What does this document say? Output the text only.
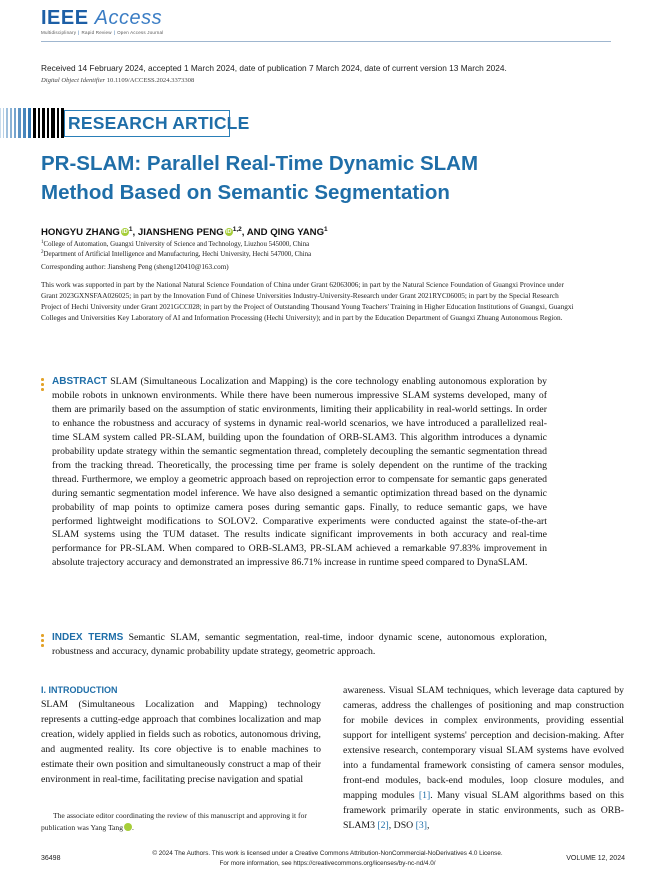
IEEE Access
Multidisciplinary | Rapid Review | Open Access Journal
Received 14 February 2024, accepted 1 March 2024, date of publication 7 March 2024, date of current version 13 March 2024.
Digital Object Identifier 10.1109/ACCESS.2024.3373308
RESEARCH ARTICLE
PR-SLAM: Parallel Real-Time Dynamic SLAM
Method Based on Semantic Segmentation
HONGYU ZHANG $iD^1$, JIANSHENG PENG iD$^{1,2}$, AND QING YANG$^1$
$^1$College of Automation, Guangxi University of Science and Technology, Liuzhou 545000, China
$^2$Department of Artificial Intelligence and Manufacturing, Hechi University, Hechi 547000, China
Corresponding author: Jiansheng Peng (sheng120410@163.com)
This work was supported in part by the National Natural Science Foundation of China under Grant 62063006; in part by the Natural Science Foundation of Guangxi Province under Grant 2023GXNSFAA026025; in part by the Innovation Fund of Chinese Universities Industry-University-Research under Grant 2021RYC06005; in part by the Special Research Project of Hechi University under Grant 2021GCC028; in part by the Project of Outstanding Thousand Young Teachers' Training in Higher Education Institutions of Guangxi, Guangxi Colleges and Universities Key Laboratory of AI and Information Processing (Hechi University); and in part by the Education Department of Guangxi Zhuang Autonomous Region.
ABSTRACT SLAM (Simultaneous Localization and Mapping) is the core technology enabling autonomous exploration by mobile robots in unknown environments. While there have been numerous impressive SLAM systems developed, many of them are primarily based on the assumption of static environments, limiting their applicability in real-world settings. In order to enhance the robustness and accuracy of systems in dynamic real-world scenarios, we have introduced a parallelized real-time SLAM system called PR-SLAM, building upon the foundation of ORB-SLAM3. This algorithm introduces a dynamic probability update strategy within the semantic segmentation thread, completely decoupling the semantic segmentation thread from the tracking thread. Theoretically, the processing time per frame is solely dependent on the runtime of the tracking thread. Furthermore, we employ a geometric approach based on reprojection error to compensate for semantic gaps generated during semantic segmentation model inference. We have also designed a semantic optimization thread based on the dynamic probability of map points to optimize camera poses during semantic gaps. Finally, to reduce semantic gaps, we have performed lightweight modifications to SOLOV2. Comparative experiments were conducted against the state-of-the-art SLAM systems using the TUM dataset. The results indicate significant improvements in both accuracy and real-time performance for PR-SLAM. When compared to ORB-SLAM3, PR-SLAM achieved a remarkable 97.83% improvement in absolute trajectory accuracy and demonstrated an impressive 86.71% increase in runtime speed compared to DynaSLAM.
INDEX TERMS Semantic SLAM, semantic segmentation, real-time, indoor dynamic scene, autonomous exploration, robustness and accuracy, dynamic probability update strategy, geometric approach.
I. INTRODUCTION
SLAM (Simultaneous Localization and Mapping) technology represents a cutting-edge approach that combines localization and map creation, widely applied in fields such as robotics, autonomous driving, and augmented reality. Its core objective is to enable machines to estimate their own position and simultaneously construct a map of their environment in real-time, facilitating precise navigation and spatial
awareness. Visual SLAM techniques, which leverage data captured by cameras, address the challenges of positioning and map construction for mobile devices in complex environments, providing essential support for intelligent systems' perception and decision-making. After extensive research, contemporary visual SLAM systems have evolved into a fundamental framework consisting of camera sensor modules, front-end modules, back-end modules, loop closure modules, and mapping modules [1]. Many visual SLAM algorithms based on this framework primarily operate in static environments, such as ORB-SLAM3 [2], DSO [3],

The associate editor coordinating the review of this manuscript and approving it for publication was Yang Tang iD.

36498
© 2024 The Authors. This work is licensed under a Creative Commons Attribution-NonCommercial-NoDerivatives 4.0 License.
For more information, see https://creativecommons.org/licenses/by-nc-nd/4.0/
VOLUME 12, 2024
